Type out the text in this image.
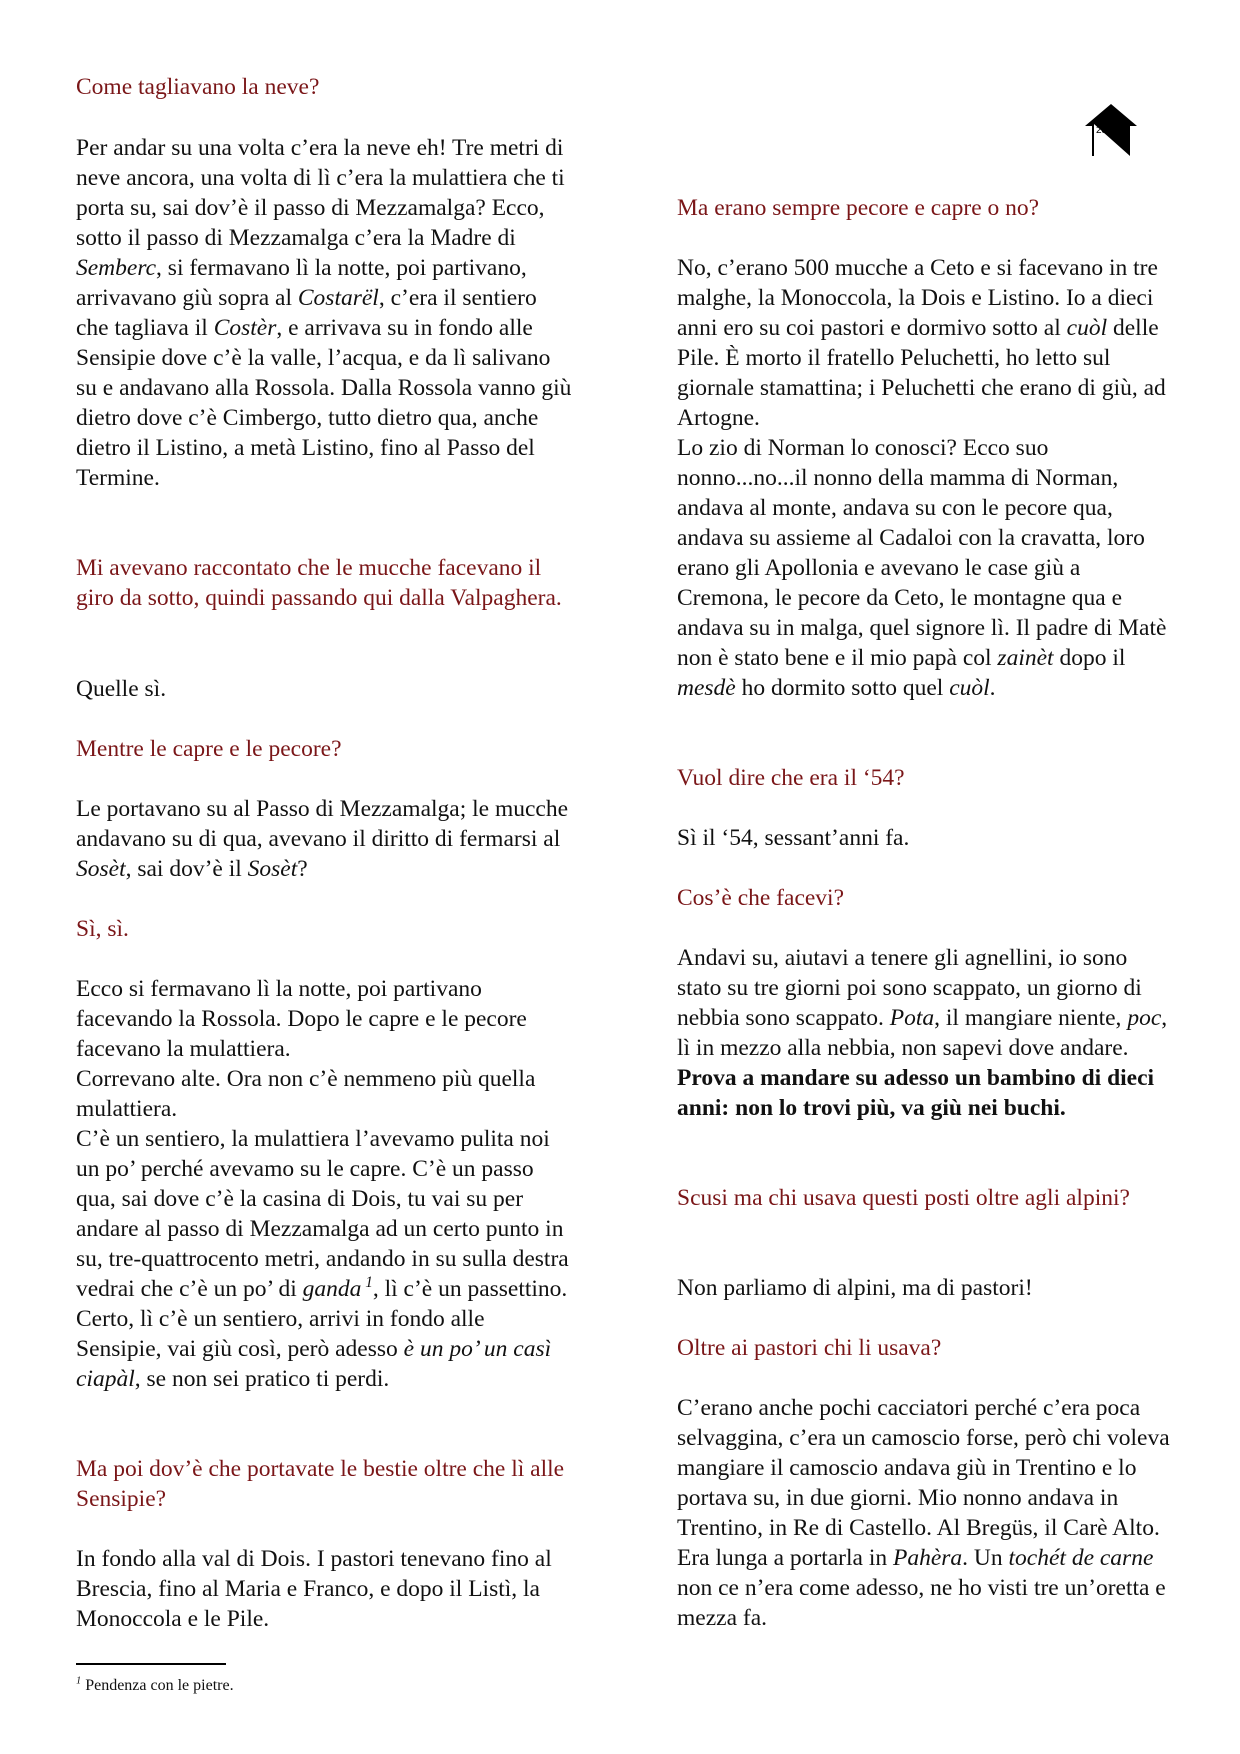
Come tagliavano la neve?

Per andar su una volta c’era la neve eh! Tre metri di neve ancora, una volta di lì c’era la mulattiera che ti porta su, sai dov’è il passo di Mezzamalga? Ecco, sotto il passo di Mezzamalga c’era la Madre di Semberc, si fermavano lì la notte, poi partivano, arrivavano giù sopra al Costarël, c’era il sentiero che tagliava il Costèr, e arrivava su in fondo alle Sensipie dove c’è la valle, l’acqua, e da lì salivano su e andavano alla Rossola. Dalla Rossola vanno giù dietro dove c’è Cimbergo, tutto dietro qua, anche dietro il Listino, a metà Listino, fino al Passo del Termine.

Mi avevano raccontato che le mucche facevano il giro da sotto, quindi passando qui dalla Valpaghera.

Quelle sì.

Mentre le capre e le pecore?

Le portavano su al Passo di Mezzamalga; le mucche andavano su di qua, avevano il diritto di fermarsi al Sosèt, sai dov’è il Sosèt?

Sì, sì.

Ecco si fermavano lì la notte, poi partivano facevando la Rossola. Dopo le capre e le pecore facevano la mulattiera.
Correvano alte. Ora non c’è nemmeno più quella mulattiera.
C’è un sentiero, la mulattiera l’avevamo pulita noi un po’ perché avevamo su le capre. C’è un passo qua, sai dove c’è la casina di Dois, tu vai su per andare al passo di Mezzamalga ad un certo punto in su, tre-quattrocento metri, andando in su sulla destra vedrai che c’è un po’ di ganda $^1$, lì c’è un passettino.
Certo, lì c’è un sentiero, arrivi in fondo alle Sensipie, vai giù così, però adesso è un po’ un casì ciapàl, se non sei pratico ti perdi.

Ma poi dov’è che portavate le bestie oltre che lì alle Sensipie?

In fondo alla val di Dois. I pastori tenevano fino al Brescia, fino al Maria e Franco, e dopo il Listì, la Monoccola e le Pile.

Ma erano sempre pecore e capre o no?

No, c’erano 500 mucche a Ceto e si facevano in tre malghe, la Monoccola, la Dois e Listino. Io a dieci anni ero su coi pastori e dormivo sotto al cuòl delle Pile. È morto il fratello Peluchetti, ho letto sul giornale stamattina; i Peluchetti che erano di giù, ad Artogne.
Lo zio di Norman lo conosci? Ecco suo nonno...no...il nonno della mamma di Norman, andava al monte, andava su con le pecore qua, andava su assieme al Cadaloi con la cravatta, loro erano gli Apollonia e avevano le case giù a Cremona, le pecore da Ceto, le montagne qua e andava su in malga, quel signore lì. Il padre di Matè non è stato bene e il mio papà col zainèt dopo il mesdè ho dormito sotto quel cuòl.

Vuol dire che era il ‘54?

Sì il ‘54, sessant’anni fa.

Cos’è che facevi?

Andavi su, aiutavi a tenere gli agnellini, io sono stato su tre giorni poi sono scappato, un giorno di nebbia sono scappato. Pota, il mangiare niente, poc, lì in mezzo alla nebbia, non sapevi dove andare. Prova a mandare su adesso un bambino di dieci anni: non lo trovi più, va giù nei buchi.

Scusi ma chi usava questi posti oltre agli alpini?

Non parliamo di alpini, ma di pastori!

Oltre ai pastori chi li usava?

C’erano anche pochi cacciatori perché c’era poca selvaggina, c’era un camoscio forse, però chi voleva mangiare il camoscio andava giù in Trentino e lo portava su, in due giorni. Mio nonno andava in Trentino, in Re di Castello. Al Bregüs, il Carè Alto. Era lunga a portarla in Pahèra. Un tochét de carne non ce n’era come adesso, ne ho visti tre un’oretta e mezza fa.

23
$^1$ Pendenza con le pietre.
